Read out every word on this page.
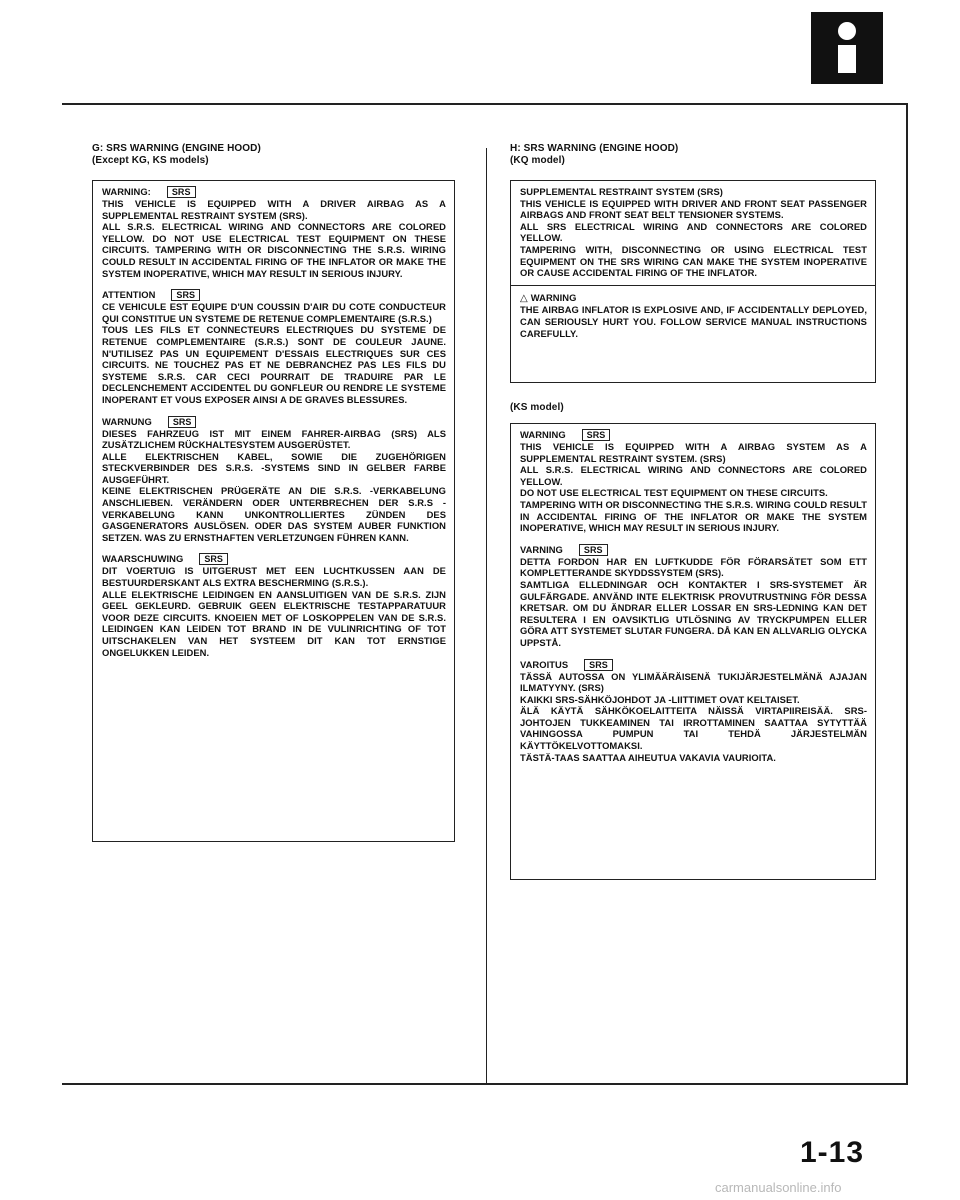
G: SRS WARNING (ENGINE HOOD)
(Except KG, KS models)
WARNING: SRS
THIS VEHICLE IS EQUIPPED WITH A DRIVER AIRBAG AS A SUPPLEMENTAL RESTRAINT SYSTEM (SRS).
ALL S.R.S. ELECTRICAL WIRING AND CONNECTORS ARE COLORED YELLOW. DO NOT USE ELECTRICAL TEST EQUIPMENT ON THESE CIRCUITS. TAMPERING WITH OR DISCONNECTING THE S.R.S. WIRING COULD RESULT IN ACCIDENTAL FIRING OF THE INFLATOR OR MAKE THE SYSTEM INOPERATIVE, WHICH MAY RESULT IN SERIOUS INJURY.
ATTENTION SRS
CE VEHICULE EST EQUIPE D'UN COUSSIN D'AIR DU COTE CONDUCTEUR QUI CONSTITUE UN SYSTEME DE RETENUE COMPLEMENTAIRE (S.R.S.)
TOUS LES FILS ET CONNECTEURS ELECTRIQUES DU SYSTEME DE RETENUE COMPLEMENTAIRE (S.R.S.) SONT DE COULEUR JAUNE. N'UTILISEZ PAS UN EQUIPEMENT D'ESSAIS ELECTRIQUES SUR CES CIRCUITS. NE TOUCHEZ PAS ET NE DEBRANCHEZ PAS LES FILS DU SYSTEME S.R.S. CAR CECI POURRAIT DE TRADUIRE PAR LE DECLENCHEMENT ACCIDENTEL DU GONFLEUR OU RENDRE LE SYSTEME INOPERANT ET VOUS EXPOSER AINSI A DE GRAVES BLESSURES.
WARNUNG SRS
DIESES FAHRZEUG IST MIT EINEM FAHRER-AIRBAG (SRS) ALS ZUSÄTZLICHEM RÜCKHALTESYSTEM AUSGERÜSTET.
ALLE ELEKTRISCHEN KABEL, SOWIE DIE ZUGEHÖRIGEN STECKVERBINDER DES S.R.S. -SYSTEMS SIND IN GELBER FARBE AUSGEFÜHRT.
KEINE ELEKTRISCHEN PRÜGERÄTE AN DIE S.R.S. -VERKABELUNG ANSCHLIEBEN. VERÄNDERN ODER UNTERBRECHEN DER S.R.S -VERKABELUNG KANN UNKONTROLLIERTES ZÜNDEN DES GASGENERATORS AUSLÖSEN. ODER DAS SYSTEM AUBER FUNKTION SETZEN. WAS ZU ERNSTHAFTEN VERLETZUNGEN FÜHREN KANN.
WAARSCHUWING SRS
DIT VOERTUIG IS UITGERUST MET EEN LUCHTKUSSEN AAN DE BESTUURDERSKANT ALS EXTRA BESCHERMING (S.R.S.).
ALLE ELEKTRISCHE LEIDINGEN EN AANSLUITIGEN VAN DE S.R.S. ZIJN GEEL GEKLEURD. GEBRUIK GEEN ELEKTRISCHE TESTAPPARATUUR VOOR DEZE CIRCUITS. KNOEIEN MET OF LOSKOPPELEN VAN DE S.R.S. LEIDINGEN KAN LEIDEN TOT BRAND IN DE VULINRICHTING OF TOT UITSCHAKELEN VAN HET SYSTEEM DIT KAN TOT ERNSTIGE ONGELUKKEN LEIDEN.
H: SRS WARNING (ENGINE HOOD)
(KQ model)
SUPPLEMENTAL RESTRAINT SYSTEM (SRS)
THIS VEHICLE IS EQUIPPED WITH DRIVER AND FRONT SEAT PASSENGER AIRBAGS AND FRONT SEAT BELT TENSIONER SYSTEMS.
ALL SRS ELECTRICAL WIRING AND CONNECTORS ARE COLORED YELLOW.
TAMPERING WITH, DISCONNECTING OR USING ELECTRICAL TEST EQUIPMENT ON THE SRS WIRING CAN MAKE THE SYSTEM INOPERATIVE OR CAUSE ACCIDENTAL FIRING OF THE INFLATOR.
△ WARNING
THE AIRBAG INFLATOR IS EXPLOSIVE AND, IF ACCIDENTALLY DEPLOYED, CAN SERIOUSLY HURT YOU. FOLLOW SERVICE MANUAL INSTRUCTIONS CAREFULLY.
(KS model)
WARNING SRS
THIS VEHICLE IS EQUIPPED WITH A AIRBAG SYSTEM AS A SUPPLEMENTAL RESTRAINT SYSTEM. (SRS)
ALL S.R.S. ELECTRICAL WIRING AND CONNECTORS ARE COLORED YELLOW.
DO NOT USE ELECTRICAL TEST EQUIPMENT ON THESE CIRCUITS.
TAMPERING WITH OR DISCONNECTING THE S.R.S. WIRING COULD RESULT IN ACCIDENTAL FIRING OF THE INFLATOR OR MAKE THE SYSTEM INOPERATIVE, WHICH MAY RESULT IN SERIOUS INJURY.
VARNING SRS
DETTA FORDON HAR EN LUFTKUDDE FÖR FÖRARSÄTET SOM ETT KOMPLETTERANDE SKYDDSSYSTEM (SRS).
SAMTLIGA ELLEDNINGAR OCH KONTAKTER I SRS-SYSTEMET ÄR GULFÄRGADE. ANVÄND INTE ELEKTRISK PROVUTRUSTNING FÖR DESSA KRETSAR. OM DU ÄNDRAR ELLER LOSSAR EN SRS-LEDNING KAN DET RESULTERA I EN OAVSIKTLIG UTLÖSNING AV TRYCKPUMPEN ELLER GÖRA ATT SYSTEMET SLUTAR FUNGERA. DÅ KAN EN ALLVARLIG OLYCKA UPPSTÅ.
VAROITUS SRS
TÄSSÄ AUTOSSA ON YLIMÄÄRÄISENÄ TUKIJÄRJESTELMÄNÄ AJAJAN ILMATYYNY. (SRS)
KAIKKI SRS-SÄHKÖJOHDOT JA -LIITTIMET OVAT KELTAISET.
ÄLÄ KÄYTÄ SÄHKÖKOELAITTEITA NÄISSÄ VIRTAPIIREISÄÄ. SRS-JOHTOJEN TUKKEAMINEN TAI IRROTTAMINEN SAATTAA SYTYTTÄÄ VAHINGOSSA PUMPUN TAI TEHDÄ JÄRJESTELMÄN KÄYTTÖKELVOTTOMAKSI.
TÄSTÄ-TAAS SAATTAA AIHEUTUA VAKAVIA VAURIOITA.
1-13
carmanualsonline.info
